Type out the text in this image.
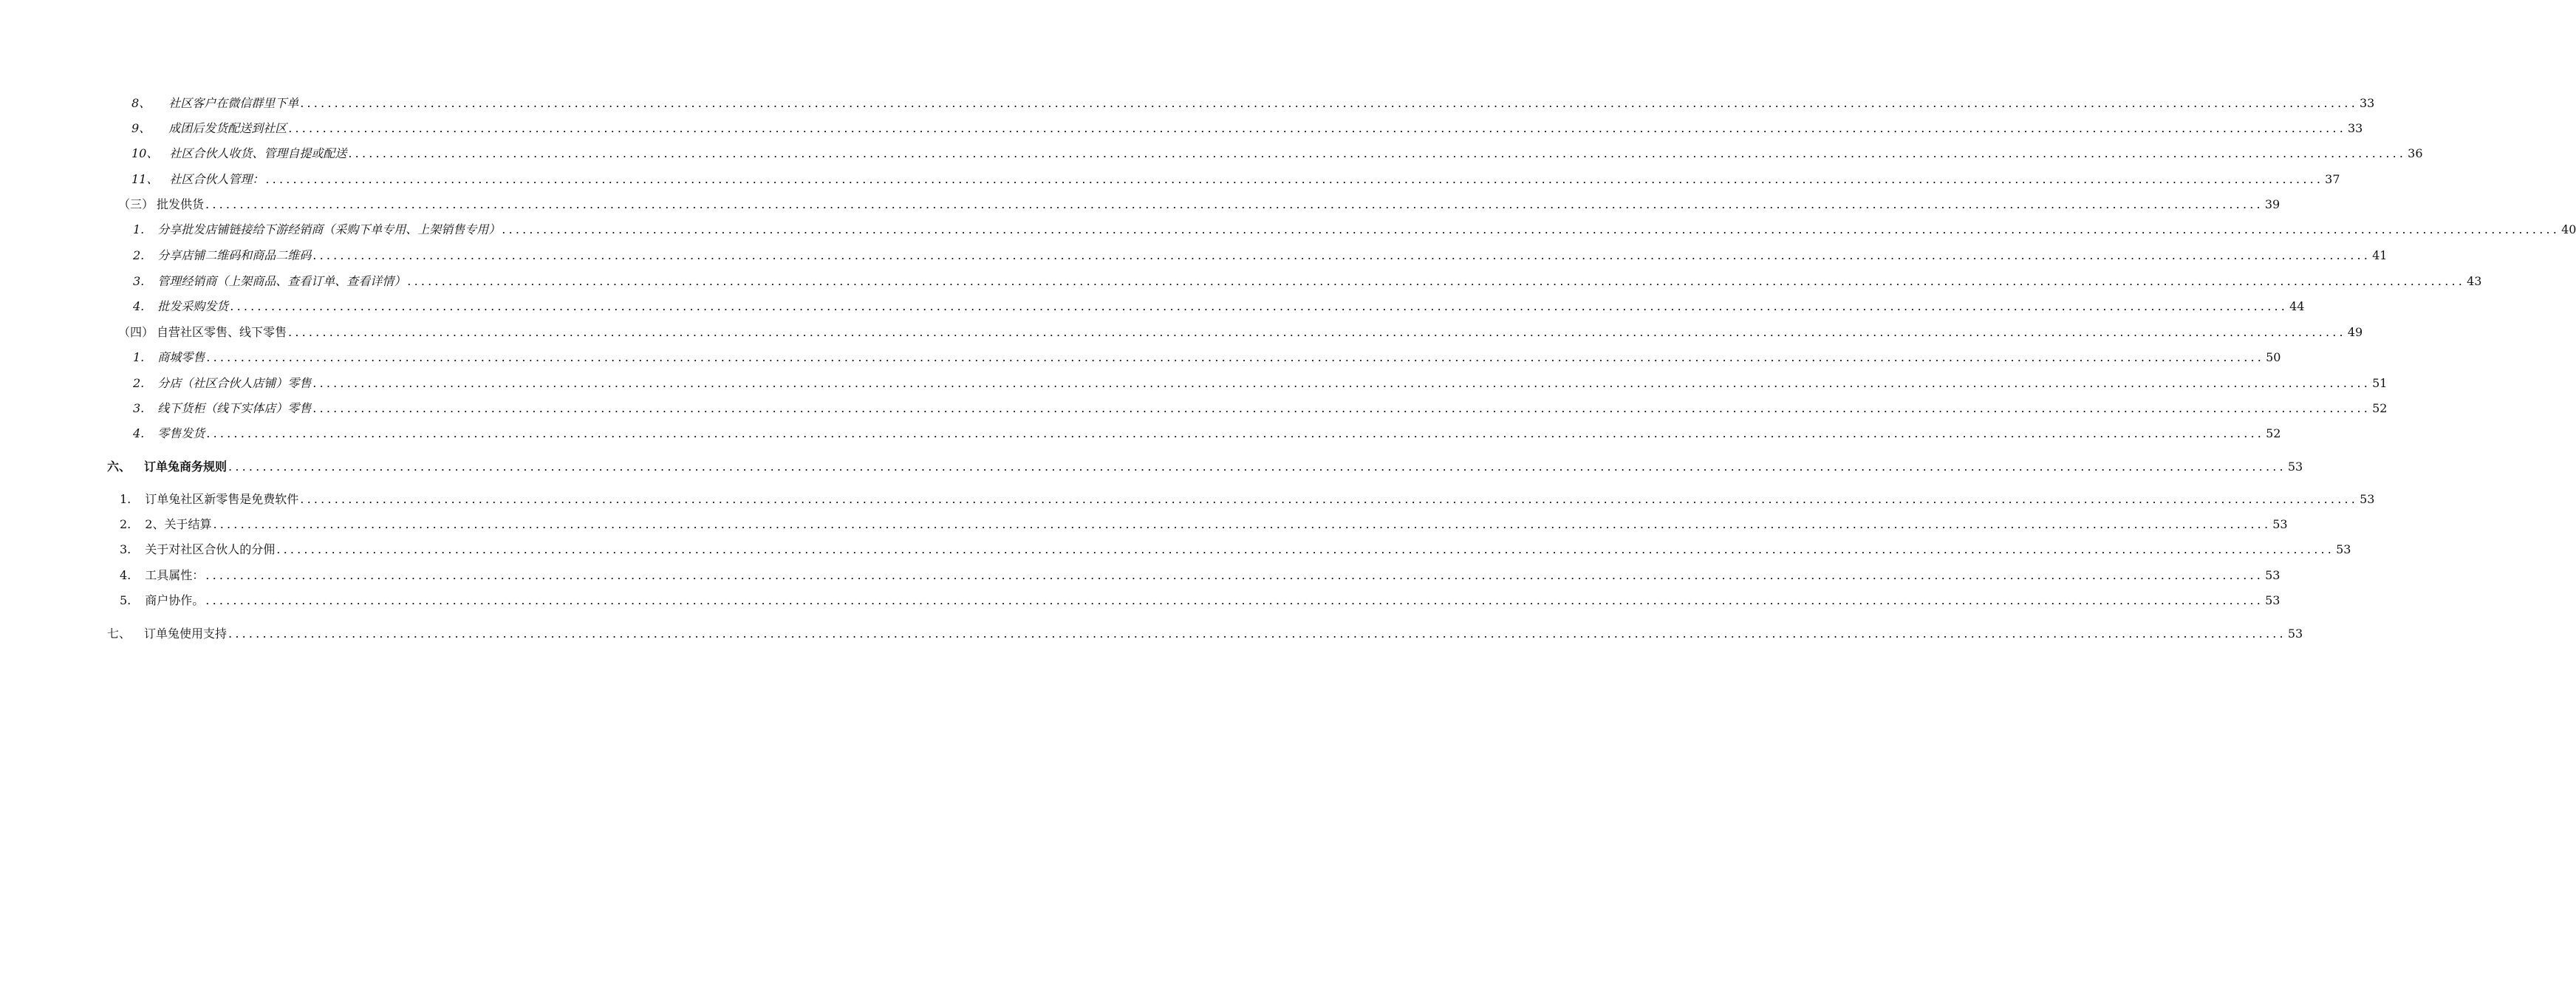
8、 社区客户在微信群里下单 ............................................................................................................................................................................................................................................................................................................ 33
9、 成团后发货配送到社区 ............................................................................................................................................................................................................................................................................................................ 33
10、 社区合伙人收货、管理自提或配送 ............................................................................................................................................................................................................................................................................................................ 36
11、 社区合伙人管理： ............................................................................................................................................................................................................................................................................................................ 37
（三） 批发供货 ............................................................................................................................................................................................................................................................................................................ 39
1. 分享批发店铺链接给下游经销商（采购下单专用、上架销售专用） ............................................................................................................................................................................................................................................................................................................ 40
2. 分享店铺二维码和商品二维码 ............................................................................................................................................................................................................................................................................................................ 41
3. 管理经销商（上架商品、查看订单、查看详情） ............................................................................................................................................................................................................................................................................................................ 43
4. 批发采购发货 ............................................................................................................................................................................................................................................................................................................ 44
（四） 自营社区零售、线下零售 ............................................................................................................................................................................................................................................................................................................ 49
1. 商城零售 ............................................................................................................................................................................................................................................................................................................ 50
2. 分店（社区合伙人店铺）零售 ............................................................................................................................................................................................................................................................................................................ 51
3. 线下货柜（线下实体店）零售 ............................................................................................................................................................................................................................................................................................................ 52
4. 零售发货 ............................................................................................................................................................................................................................................................................................................ 52
六、 订单兔商务规则 ............................................................................................................................................................................................................................................................................................................ 53
1. 订单兔社区新零售是免费软件 ............................................................................................................................................................................................................................................................................................................ 53
2. 2、关于结算 ............................................................................................................................................................................................................................................................................................................ 53
3. 关于对社区合伙人的分佣 ............................................................................................................................................................................................................................................................................................................ 53
4. 工具属性： ............................................................................................................................................................................................................................................................................................................ 53
5. 商户协作。 ............................................................................................................................................................................................................................................................................................................ 53
七、 订单兔使用支持 ............................................................................................................................................................................................................................................................................................................ 53
